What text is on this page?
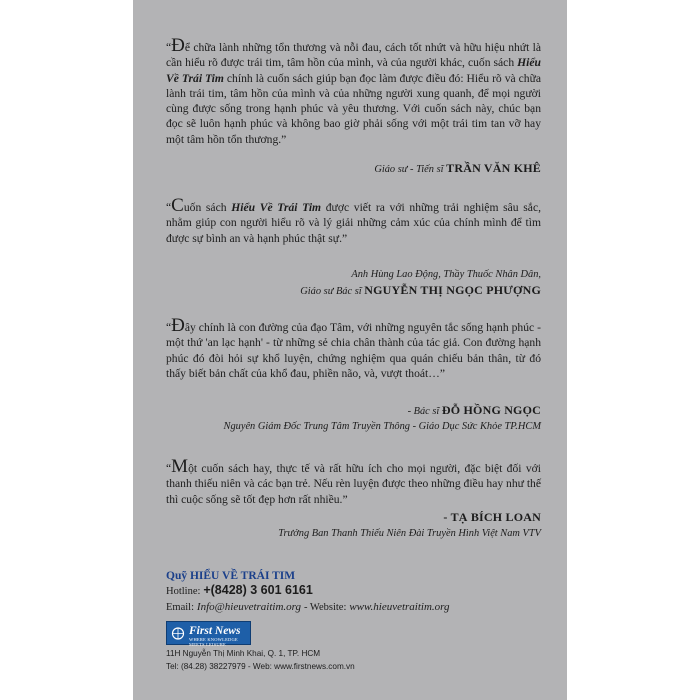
“Để chữa lành những tổn thương và nỗi đau, cách tốt nhứt và hữu hiệu nhứt là cần hiểu rõ được trái tim, tâm hồn của mình, và của người khác, cuốn sách Hiểu Về Trái Tim chính là cuốn sách giúp bạn đọc làm được điều đó: Hiểu rõ và chữa lành trái tim, tâm hồn của mình và của những người xung quanh, để mọi người cùng được sống trong hạnh phúc và yêu thương. Với cuốn sách này, chúc bạn đọc sẽ luôn hạnh phúc và không bao giờ phải sống với một trái tim tan vỡ hay một tâm hồn tổn thương.”
Giáo sư - Tiến sĩ TRẦN VĂN KHÊ
“Cuốn sách Hiểu Về Trái Tim được viết ra với những trải nghiệm sâu sắc, nhằm giúp con người hiểu rõ và lý giải những cảm xúc của chính mình để tìm được sự bình an và hạnh phúc thật sự.”
Anh Hùng Lao Động, Thầy Thuốc Nhân Dân,
Giáo sư Bác sĩ NGUYỄN THỊ NGỌC PHƯỢNG
“Đây chính là con đường của đạo Tâm, với những nguyên tắc sống hạnh phúc - một thứ 'an lạc hạnh' - từ những sẻ chia chân thành của tác giả. Con đường hạnh phúc đó đòi hỏi sự khổ luyện, chứng nghiệm qua quán chiếu bản thân, từ đó thấy biết bản chất của khổ đau, phiền não, và, vượt thoát…”
- Bác sĩ ĐỖ HỒNG NGỌC
Nguyên Giám Đốc Trung Tâm Truyền Thông - Giáo Dục Sức Khỏe TP.HCM
“Một cuốn sách hay, thực tế và rất hữu ích cho mọi người, đặc biệt đối với thanh thiếu niên và các bạn trẻ. Nếu rèn luyện được theo những điều hay như thế thì cuộc sống sẽ tốt đẹp hơn rất nhiều.”
- TẠ BÍCH LOAN
Trưởng Ban Thanh Thiếu Niên Đài Truyền Hình Việt Nam VTV
Quỹ HIỂU VỀ TRÁI TIM
Hotline: +(8428) 3 601 6161
Email: Info@hieuvetraitim.org - Website: www.hieuvetraitim.org
First News
WHERE KNOWLEDGE MEETS LEISURE
11H Nguyễn Thị Minh Khai, Q. 1, TP. HCM
Tel: (84.28) 38227979 - Web: www.firstnews.com.vn
